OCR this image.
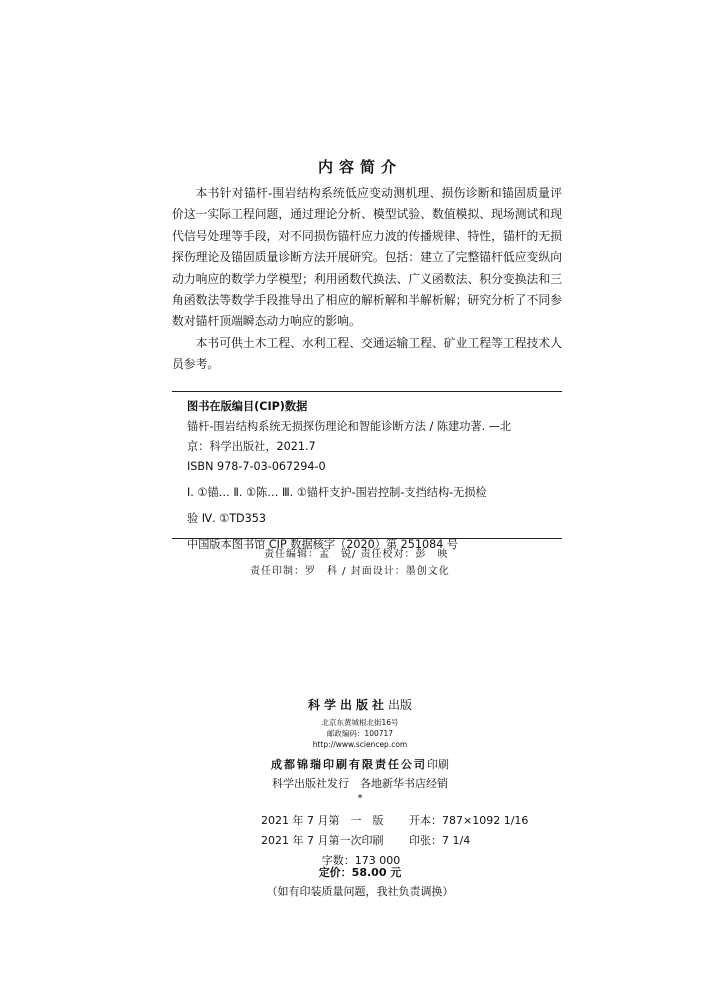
内容简介

本书针对锚杆-围岩结构系统低应变动测机理、损伤诊断和锚固质量评价这一实际工程问题，通过理论分析、模型试验、数值模拟、现场测试和现代信号处理等手段，对不同损伤锚杆应力波的传播规律、特性，锚杆的无损探伤理论及锚固质量诊断方法开展研究。包括：建立了完整锚杆低应变纵向动力响应的数学力学模型；利用函数代换法、广义函数法、积分变换法和三角函数法等数学手段推导出了相应的解析解和半解析解；研究分析了不同参数对锚杆顶端瞬态动力响应的影响。

本书可供土木工程、水利工程、交通运输工程、矿业工程等工程技术人员参考。

图书在版编目(CIP)数据
锚杆-围岩结构系统无损探伤理论和智能诊断方法 / 陈建功著. —北
京：科学出版社，2021.7
ISBN 978-7-03-067294-0
Ⅰ. ①锚… Ⅱ. ①陈… Ⅲ. ①锚杆支护-围岩控制-支挡结构-无损检
验 Ⅳ. ①TD353
中国版本图书馆 CIP 数据核字（2020）第 251084 号
责任编辑：孟　锐/ 责任校对：彭　映
责任印制：罗　科 / 封面设计：墨创文化
科学出版社出版
北京东黄城根北街16号
邮政编码：100717
http://www.sciencep.com
成都锦瑞印刷有限责任公司印刷
科学出版社发行　各地新华书店经销
*
2021 年 7 月第　一　版 开本：787×1092 1/16
2021 年 7 月第一次印刷 印张：7 1/4
字数：173 000
定价：58.00 元
（如有印装质量问题，我社负责调换）
